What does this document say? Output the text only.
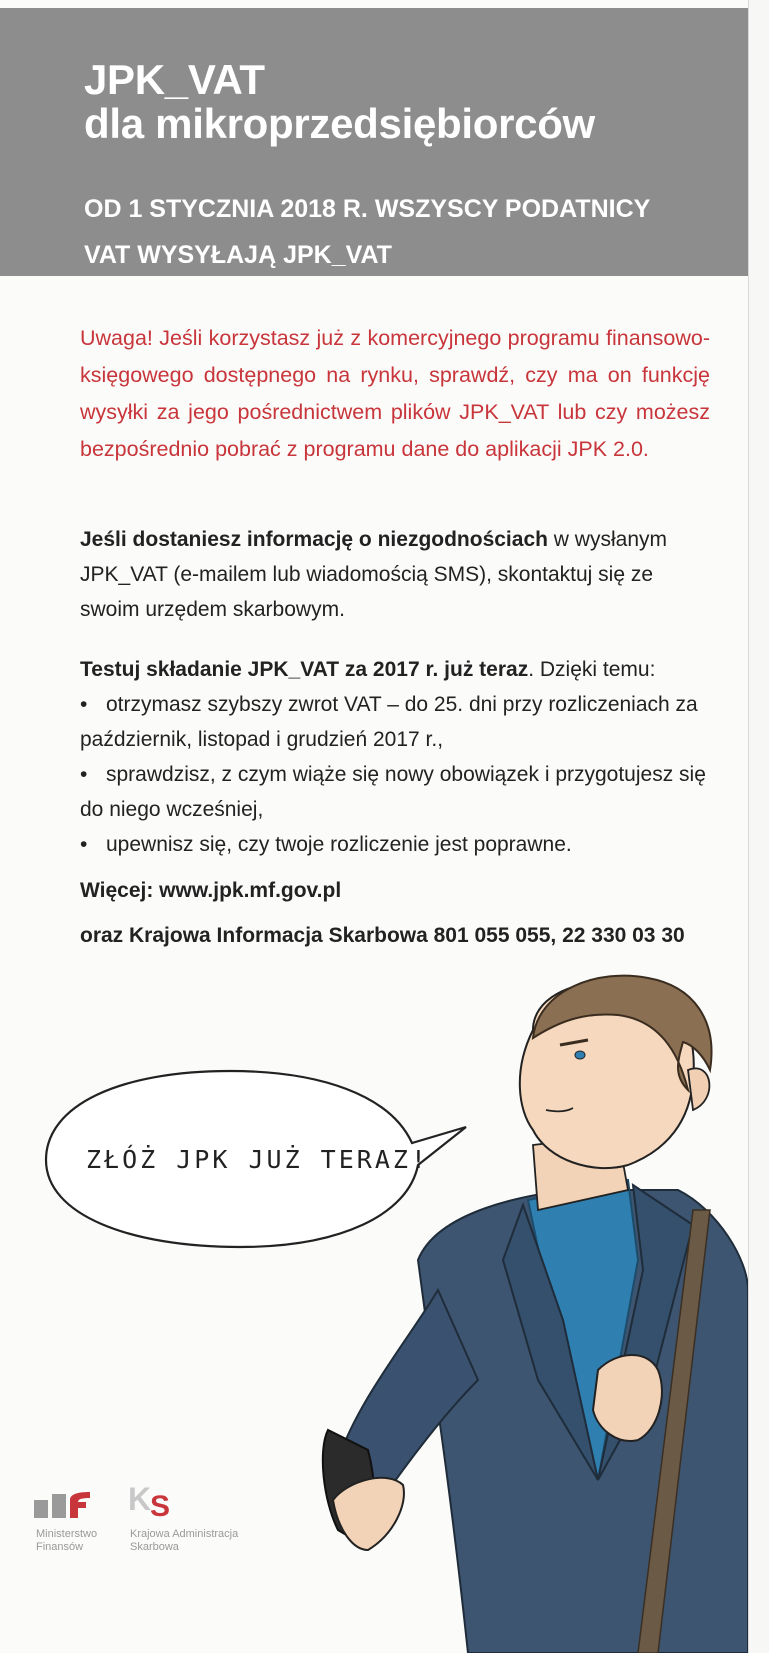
JPK_VAT
dla mikroprzedsiębiorców
OD 1 STYCZNIA 2018 R. WSZYSCY PODATNICY
VAT WYSYŁAJĄ JPK_VAT
Uwaga! Jeśli korzystasz już z komercyjnego programu finansowo-księgowego dostępnego na rynku, sprawdź, czy ma on funkcję wysyłki za jego pośrednictwem plików JPK_VAT lub czy możesz bezpośrednio pobrać z programu dane do aplikacji JPK 2.0.
Jeśli dostaniesz informację o niezgodnościach w wysłanym JPK_VAT (e-mailem lub wiadomością SMS), skontaktuj się ze swoim urzędem skarbowym.
Testuj składanie JPK_VAT za 2017 r. już teraz. Dzięki temu:
• otrzymasz szybszy zwrot VAT – do 25. dni przy rozliczeniach za październik, listopad i grudzień 2017 r.,
• sprawdzisz, z czym wiąże się nowy obowiązek i przygotujesz się do niego wcześniej,
• upewnisz się, czy twoje rozliczenie jest poprawne.
Więcej: www.jpk.mf.gov.pl
oraz Krajowa Informacja Skarbowa 801 055 055, 22 330 03 30
ZŁÓŻ JPK JUŻ TERAZ!
Ministerstwo
Finansów
K
S
Krajowa Administracja
Skarbowa
